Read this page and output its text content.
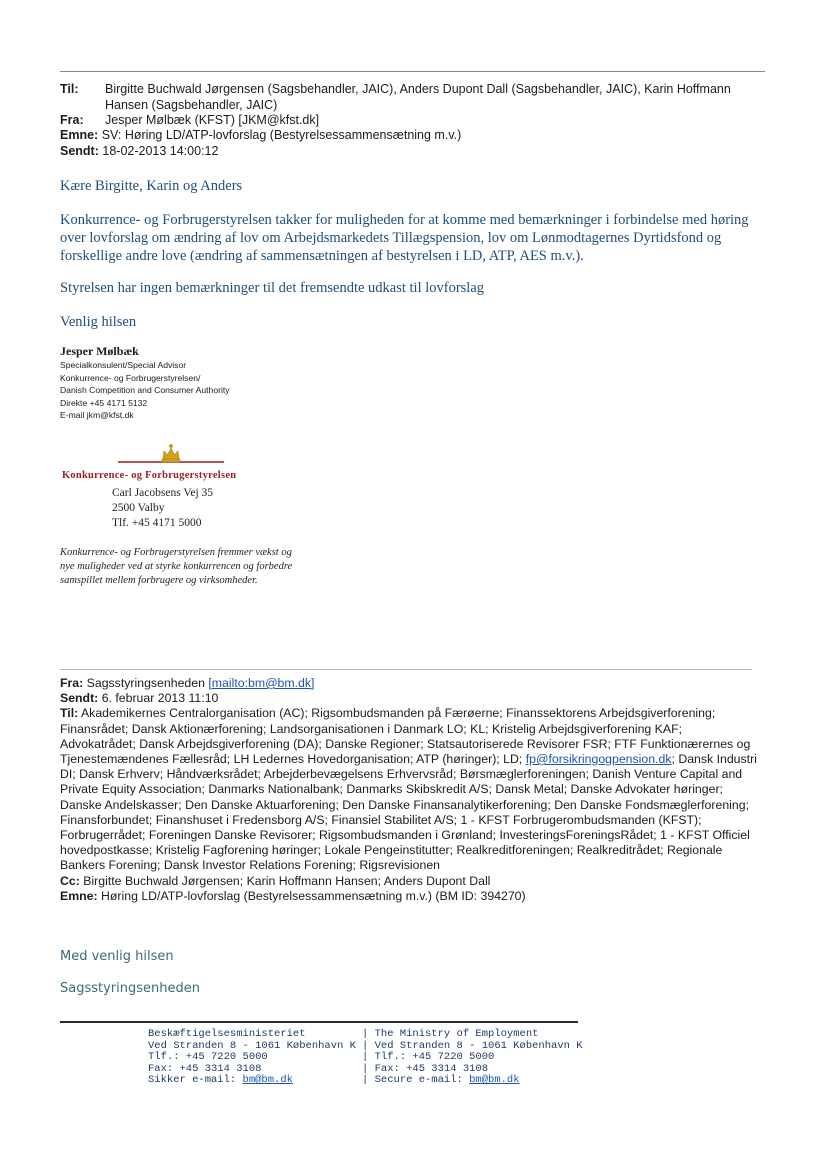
Til: Birgitte Buchwald Jørgensen (Sagsbehandler, JAIC), Anders Dupont Dall (Sagsbehandler, JAIC), Karin Hoffmann Hansen (Sagsbehandler, JAIC)
Fra: Jesper Mølbæk (KFST) [JKM@kfst.dk]
Emne: SV: Høring LD/ATP-lovforslag (Bestyrelsessammensætning m.v.)
Sendt: 18-02-2013 14:00:12
Kære Birgitte, Karin og Anders
Konkurrence- og Forbrugerstyrelsen takker for muligheden for at komme med bemærkninger i forbindelse med høring over lovforslag om ændring af lov om Arbejdsmarkedets Tillægspension, lov om Lønmodtagernes Dyrtidsfond og forskellige andre love (ændring af sammensætningen af bestyrelsen i LD, ATP, AES m.v.).
Styrelsen har ingen bemærkninger til det fremsendte udkast til lovforslag
Venlig hilsen
Jesper Mølbæk
Specialkonsulent/Special Advisor
Konkurrence- og Forbrugerstyrelsen/
Danish Competition and Consumer Authority
Direkte +45 4171 5132
E-mail jkm@kfst.dk
Konkurrence- og Forbrugerstyrelsen
Carl Jacobsens Vej 35
2500 Valby
Tlf. +45 4171 5000
Konkurrence- og Forbrugerstyrelsen fremmer vækst og nye muligheder ved at styrke konkurrencen og forbedre samspillet mellem forbrugere og virksomheder.
Fra: Sagsstyringsenheden [mailto:bm@bm.dk]
Sendt: 6. februar 2013 11:10
Til: Akademikernes Centralorganisation (AC); Rigsombudsmanden på Færøerne; Finanssektorens Arbejdsgiverforening; Finansrådet; Dansk Aktionærforening; Landsorganisationen i Danmark LO; KL; Kristelig Arbejdsgiverforening KAF; Advokatrådet; Dansk Arbejdsgiverforening (DA); Danske Regioner; Statsautoriserede Revisorer FSR; FTF Funktionærernes og Tjenestemændenes Fællesråd; LH Ledernes Hovedorganisation; ATP (høringer); LD; fp@forsikringogpension.dk; Dansk Industri DI; Dansk Erhverv; Håndværksrådet; Arbejderbevægelsens Erhvervsråd; Børsmæglerforeningen; Danish Venture Capital and Private Equity Association; Danmarks Nationalbank; Danmarks Skibskredit A/S; Dansk Metal; Danske Advokater høringer; Danske Andelskasser; Den Danske Aktuarforening; Den Danske Finansanalytikerforening; Den Danske Fondsmæglerforening; Finansforbundet; Finanshuset i Fredensborg A/S; Finansiel Stabilitet A/S; 1 - KFST Forbrugerombudsmanden (KFST); Forbrugerrådet; Foreningen Danske Revisorer; Rigsombudsmanden i Grønland; InvesteringsForeningsRådet; 1 - KFST Officiel hovedpostkasse; Kristelig Fagforening høringer; Lokale Pengeinstitutter; Realkreditforeningen; Realkreditrådet; Regionale Bankers Forening; Dansk Investor Relations Forening; Rigsrevisionen
Cc: Birgitte Buchwald Jørgensen; Karin Hoffmann Hansen; Anders Dupont Dall
Emne: Høring LD/ATP-lovforslag (Bestyrelsessammensætning m.v.) (BM ID: 394270)
Med venlig hilsen
Sagsstyringsenheden
Beskæftigelsesministeriet
Ved Stranden 8 - 1061 København K
Tlf.: +45 7220 5000
Fax: +45 3314 3108
Sikker e-mail: bm@bm.dk
| The Ministry of Employment
| Ved Stranden 8 - 1061 København K
| Tlf.: +45 7220 5000
| Fax: +45 3314 3108
| Secure e-mail: bm@bm.dk
